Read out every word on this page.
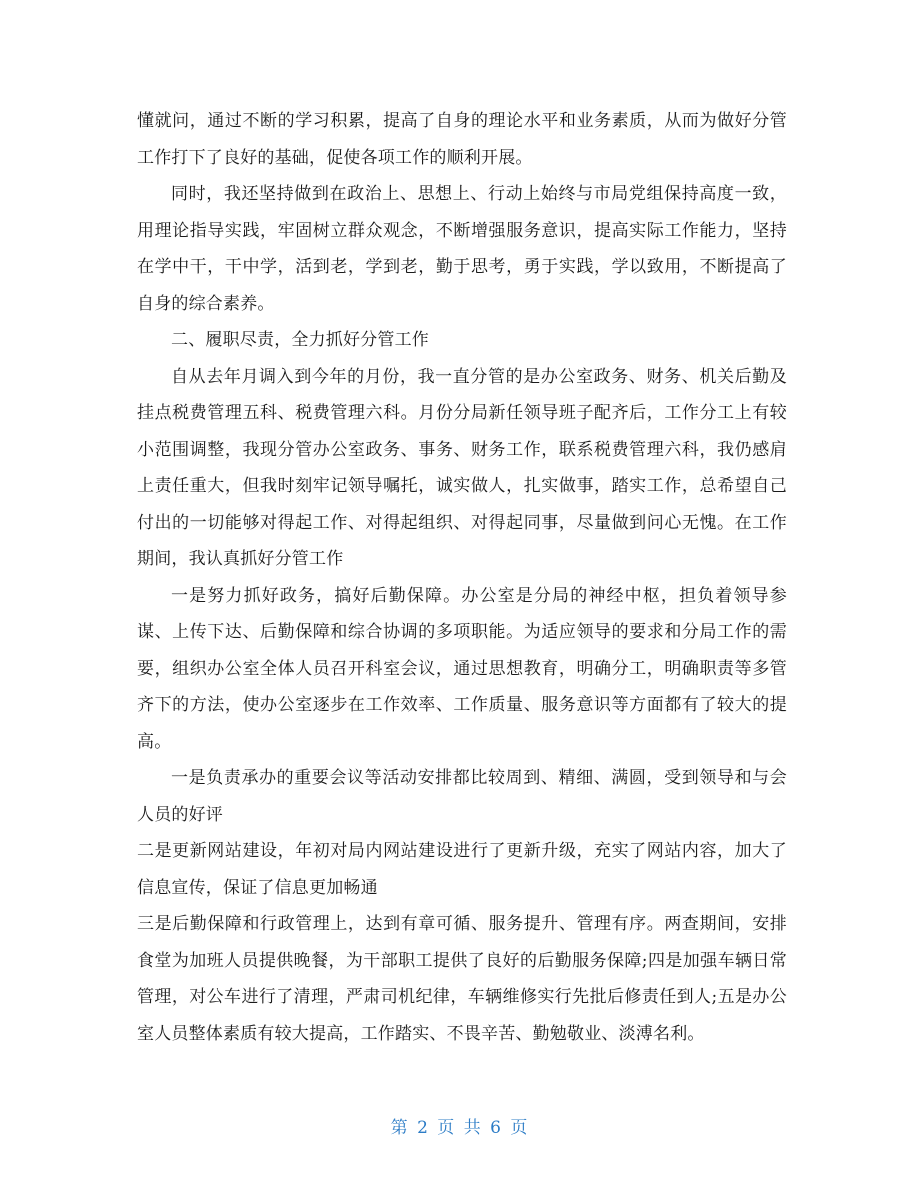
懂就问，通过不断的学习积累，提高了自身的理论水平和业务素质，从而为做好分管工作打下了良好的基础，促使各项工作的顺利开展。

同时，我还坚持做到在政治上、思想上、行动上始终与市局党组保持高度一致，用理论指导实践，牢固树立群众观念，不断增强服务意识，提高实际工作能力，坚持在学中干，干中学，活到老，学到老，勤于思考，勇于实践，学以致用，不断提高了自身的综合素养。

二、履职尽责，全力抓好分管工作

自从去年月调入到今年的月份，我一直分管的是办公室政务、财务、机关后勤及挂点税费管理五科、税费管理六科。月份分局新任领导班子配齐后，工作分工上有较小范围调整，我现分管办公室政务、事务、财务工作，联系税费管理六科，我仍感肩上责任重大，但我时刻牢记领导嘱托，诚实做人，扎实做事，踏实工作，总希望自己付出的一切能够对得起工作、对得起组织、对得起同事，尽量做到问心无愧。在工作期间，我认真抓好分管工作

一是努力抓好政务，搞好后勤保障。办公室是分局的神经中枢，担负着领导参谋、上传下达、后勤保障和综合协调的多项职能。为适应领导的要求和分局工作的需要，组织办公室全体人员召开科室会议，通过思想教育，明确分工，明确职责等多管齐下的方法，使办公室逐步在工作效率、工作质量、服务意识等方面都有了较大的提高。

一是负责承办的重要会议等活动安排都比较周到、精细、满圆，受到领导和与会人员的好评

二是更新网站建设，年初对局内网站建设进行了更新升级，充实了网站内容，加大了信息宣传，保证了信息更加畅通

三是后勤保障和行政管理上，达到有章可循、服务提升、管理有序。两查期间，安排食堂为加班人员提供晚餐，为干部职工提供了良好的后勤服务保障;四是加强车辆日常管理，对公车进行了清理，严肃司机纪律，车辆维修实行先批后修责任到人;五是办公室人员整体素质有较大提高，工作踏实、不畏辛苦、勤勉敬业、淡溥名利。

第 2 页 共 6 页
